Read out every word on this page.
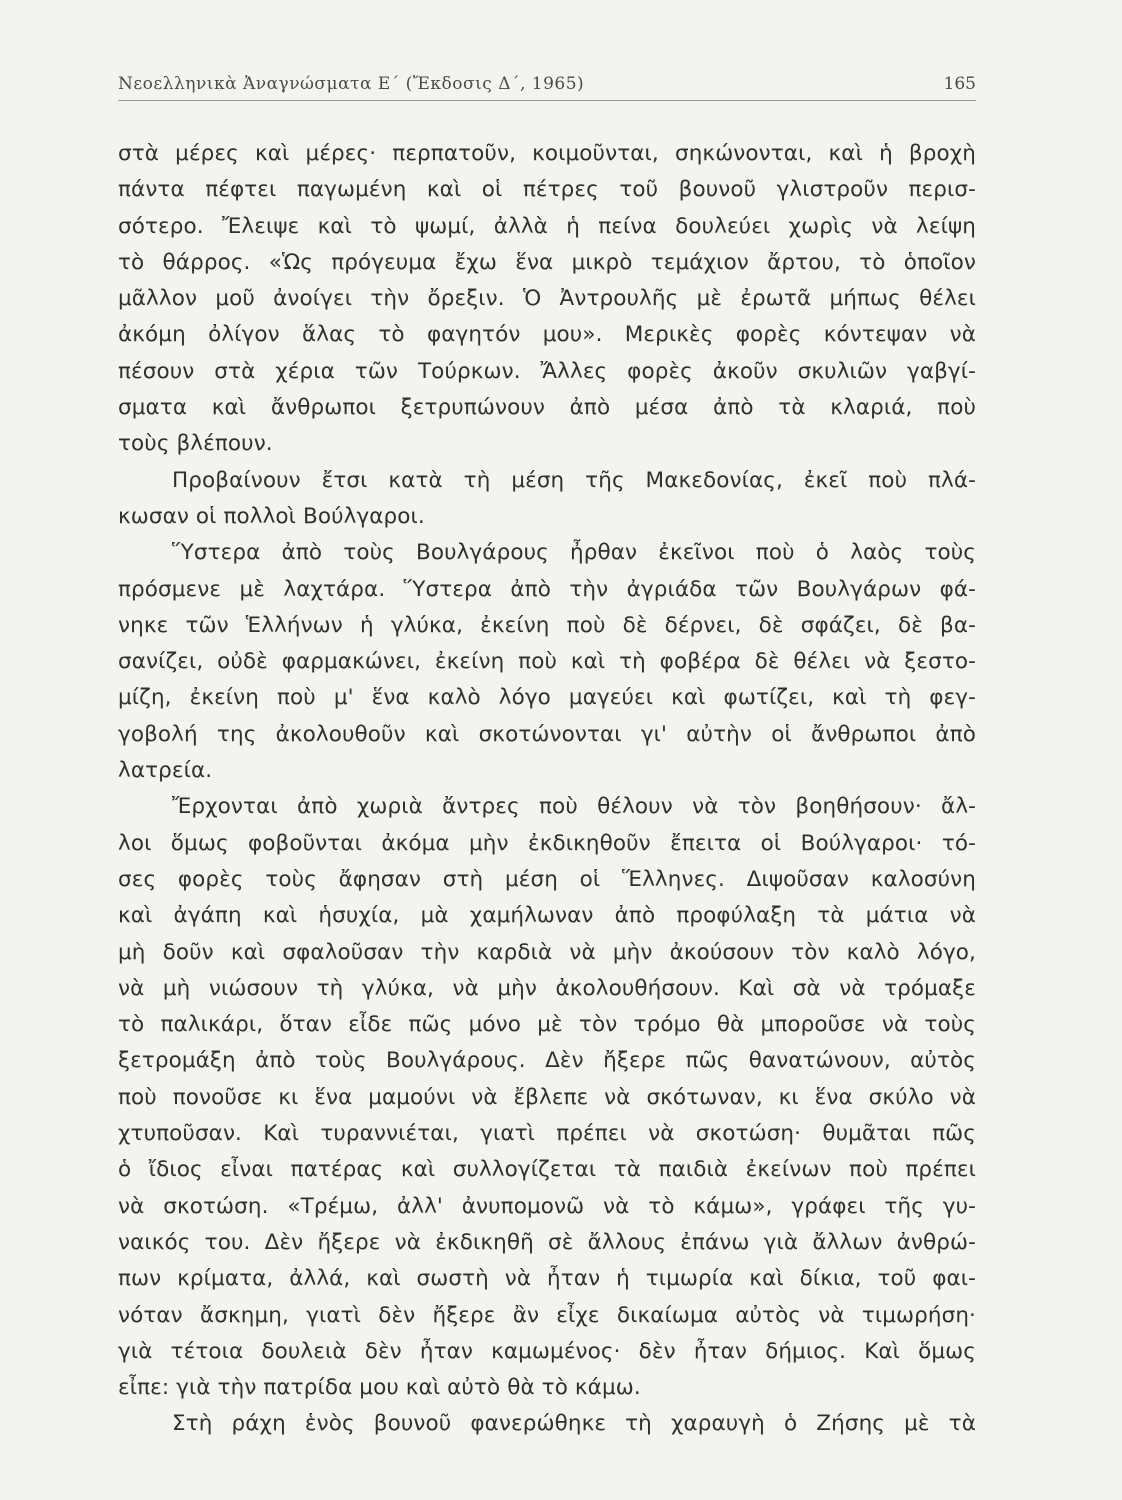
Νεοελληνικὰ Ἀναγνώσματα Ε΄ (Ἔκδοσις Δ΄, 1965)	165
στὰ μέρες καὶ μέρες· περπατοῦν, κοιμοῦνται, σηκώνονται, καὶ ἡ βροχὴ
πάντα πέφτει παγωμένη καὶ οἱ πέτρες τοῦ βουνοῦ γλιστροῦν περισ-
σότερο. Ἔλειψε καὶ τὸ ψωμί, ἀλλὰ ἡ πείνα δουλεύει χωρὶς νὰ λείψη
τὸ θάρρος. «Ὡς πρόγευμα ἔχω ἕνα μικρὸ τεμάχιον ἄρτου, τὸ ὁποῖον
μᾶλλον μοῦ ἀνοίγει τὴν ὄρεξιν. Ὁ Ἀντρουλῆς μὲ ἐρωτᾶ μήπως θέλει
ἀκόμη ὀλίγον ἅλας τὸ φαγητόν μου». Μερικὲς φορὲς κόντεψαν νὰ
πέσουν στὰ χέρια τῶν Τούρκων. Ἄλλες φορὲς ἀκοῦν σκυλιῶν γαβγί-
σματα καὶ ἄνθρωποι ξετρυπώνουν ἀπὸ μέσα ἀπὸ τὰ κλαριά, ποὺ
τοὺς βλέπουν.
Προβαίνουν ἔτσι κατὰ τὴ μέση τῆς Μακεδονίας, ἐκεῖ ποὺ πλά-
κωσαν οἱ πολλοὶ Βούλγαροι.
Ὕστερα ἀπὸ τοὺς Βουλγάρους ἦρθαν ἐκεῖνοι ποὺ ὁ λαὸς τοὺς
πρόσμενε μὲ λαχτάρα. Ὕστερα ἀπὸ τὴν ἀγριάδα τῶν Βουλγάρων φά-
νηκε τῶν Ἑλλήνων ἡ γλύκα, ἐκείνη ποὺ δὲ δέρνει, δὲ σφάζει, δὲ βα-
σανίζει, οὐδὲ φαρμακώνει, ἐκείνη ποὺ καὶ τὴ φοβέρα δὲ θέλει νὰ ξεστο-
μίζη, ἐκείνη ποὺ μ' ἕνα καλὸ λόγο μαγεύει καὶ φωτίζει, καὶ τὴ φεγ-
γοβολή της ἀκολουθοῦν καὶ σκοτώνονται γι' αὐτὴν οἱ ἄνθρωποι ἀπὸ
λατρεία.
Ἔρχονται ἀπὸ χωριὰ ἄντρες ποὺ θέλουν νὰ τὸν βοηθήσουν· ἄλ-
λοι ὅμως φοβοῦνται ἀκόμα μὴν ἐκδικηθοῦν ἔπειτα οἱ Βούλγαροι· τό-
σες φορὲς τοὺς ἄφησαν στὴ μέση οἱ Ἕλληνες. Διψοῦσαν καλοσύνη
καὶ ἀγάπη καὶ ἡσυχία, μὰ χαμήλωναν ἀπὸ προφύλαξη τὰ μάτια νὰ
μὴ δοῦν καὶ σφαλοῦσαν τὴν καρδιὰ νὰ μὴν ἀκούσουν τὸν καλὸ λόγο,
νὰ μὴ νιώσουν τὴ γλύκα, νὰ μὴν ἀκολουθήσουν. Καὶ σὰ νὰ τρόμαξε
τὸ παλικάρι, ὅταν εἶδε πῶς μόνο μὲ τὸν τρόμο θὰ μποροῦσε νὰ τοὺς
ξετρομάξη ἀπὸ τοὺς Βουλγάρους. Δὲν ἤξερε πῶς θανατώνουν, αὐτὸς
ποὺ πονοῦσε κι ἕνα μαμούνι νὰ ἔβλεπε νὰ σκότωναν, κι ἕνα σκύλο νὰ
χτυποῦσαν. Καὶ τυραννιέται, γιατὶ πρέπει νὰ σκοτώση· θυμᾶται πῶς
ὁ ἴδιος εἶναι πατέρας καὶ συλλογίζεται τὰ παιδιὰ ἐκείνων ποὺ πρέπει
νὰ σκοτώση. «Τρέμω, ἀλλ' ἀνυπομονῶ νὰ τὸ κάμω», γράφει τῆς γυ-
ναικός του. Δὲν ἤξερε νὰ ἐκδικηθῆ σὲ ἄλλους ἐπάνω γιὰ ἄλλων ἀνθρώ-
πων κρίματα, ἀλλά, καὶ σωστὴ νὰ ἦταν ἡ τιμωρία καὶ δίκια, τοῦ φαι-
νόταν ἄσκημη, γιατὶ δὲν ἤξερε ἂν εἶχε δικαίωμα αὐτὸς νὰ τιμωρήση·
γιὰ τέτοια δουλειὰ δὲν ἦταν καμωμένος· δὲν ἦταν δήμιος. Καὶ ὅμως
εἶπε: γιὰ τὴν πατρίδα μου καὶ αὐτὸ θὰ τὸ κάμω.
Στὴ ράχη ἑνὸς βουνοῦ φανερώθηκε τὴ χαραυγὴ ὁ Ζήσης μὲ τὰ
